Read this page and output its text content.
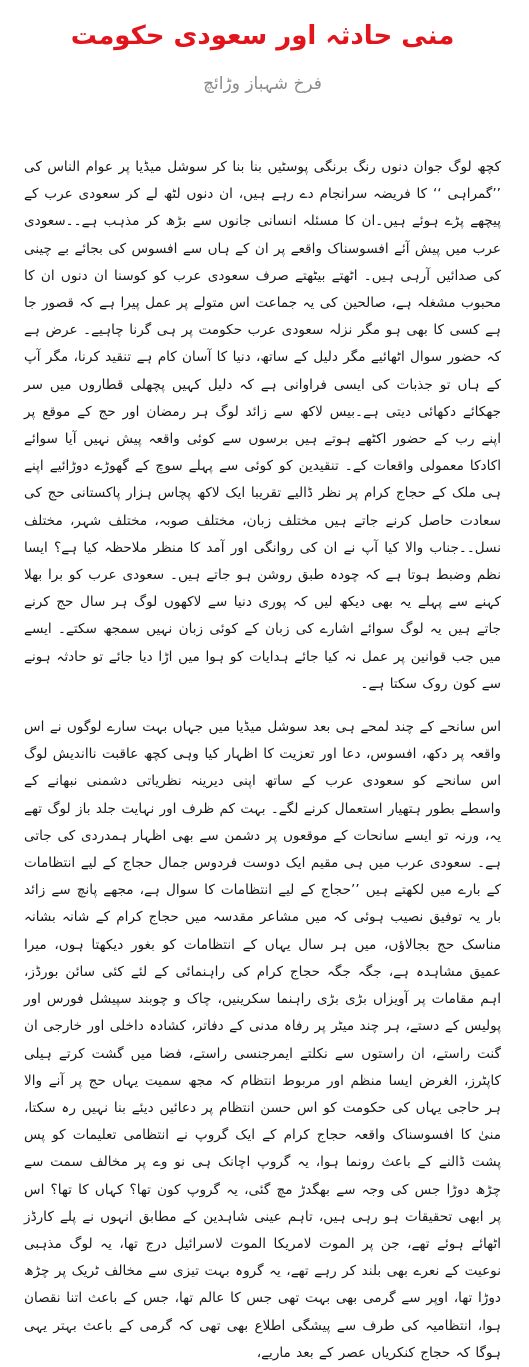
منی حادثہ اور سعودی حکومت
فرخ شہباز وڑائچ

کچھ لوگ جوان دنوں رنگ برنگی پوسٹیں بنا بنا کر سوشل میڈیا پر عوام الناس کی ’’گمراہی ‘‘ کا فریضہ سرانجام دے رہے ہیں، ان دنوں لٹھ لے کر سعودی عرب کے پیچھے پڑے ہوئے ہیں۔ان کا مسئلہ انسانی جانوں سے بڑھ کر مذہب ہے۔۔سعودی عرب میں پیش آئے افسوسناک واقعے پر ان کے ہاں سے افسوس کی بجائے بے چینی کی صدائیں آرہی ہیں۔ اٹھتے بیٹھتے صرف سعودی عرب کو کوسنا ان دنوں ان کا محبوب مشغلہ ہے، صالحین کی یہ جماعت اس متولے پر عمل پیرا ہے کہ قصور جا ہے کسی کا بھی ہو مگر نزلہ سعودی عرب حکومت پر ہی گرنا چاہیے۔ عرض ہے کہ حضور سوال اٹھائیے مگر دلیل کے ساتھ، دنیا کا آسان کام ہے تنقید کرنا، مگر آپ کے ہاں تو جذبات کی ایسی فراوانی ہے کہ دلیل کہیں پچھلی قطاروں میں سر جھکائے دکھائی دیتی ہے۔بیس لاکھ سے زائد لوگ ہر رمضان اور حج کے موقع پر اپنے رب کے حضور اکٹھے ہوتے ہیں برسوں سے کوئی واقعہ پیش نہیں آیا سوائے اکادکا معمولی واقعات کے۔ تنقیدین کو کوئی سے پہلے سوچ کے گھوڑے دوڑائیے اپنے ہی ملک کے حجاج کرام پر نظر ڈالیے تقریبا ایک لاکھ پچاس ہزار پاکستانی حج کی سعادت حاصل کرنے جاتے ہیں مختلف زبان، مختلف صوبہ، مختلف شہر، مختلف نسل۔۔جناب والا کیا آپ نے ان کی روانگی اور آمد کا منظر ملاحظہ کیا ہے؟ ایسا نظم وضبط ہوتا ہے کہ چودہ طبق روشن ہو جاتے ہیں۔ سعودی عرب کو برا بھلا کہنے سے پہلے یہ بھی دیکھ لیں کہ پوری دنیا سے لاکھوں لوگ ہر سال حج کرنے جاتے ہیں یہ لوگ سوائے اشارے کی زبان کے کوئی زبان نہیں سمجھ سکتے۔ ایسے میں جب قوانین پر عمل نہ کیا جائے ہدایات کو ہوا میں اڑا دیا جائے تو حادثہ ہونے سے کون روک سکتا ہے۔

اس سانحے کے چند لمحے ہی بعد سوشل میڈیا میں جہاں بہت سارے لوگوں نے اس واقعہ پر دکھ، افسوس، دعا اور تعزیت کا اظہار کیا وہی کچھ عاقبت نااندیش لوگ اس سانحے کو سعودی عرب کے ساتھ اپنی دیرینہ نظریاتی دشمنی نبھانے کے واسطے بطور ہتھیار استعمال کرنے لگے۔ بہت کم ظرف اور نہایت جلد باز لوگ تھے یہ، ورنہ تو ایسے سانحات کے موقعوں پر دشمن سے بھی اظہار ہمدردی کی جاتی ہے۔ سعودی عرب میں ہی مقیم ایک دوست فردوس جمال حجاج کے لیے انتظامات کے بارے میں لکھتے ہیں ’’حجاج کے لیے انتظامات کا سوال ہے، مجھے پانچ سے زائد بار یہ توفیق نصیب ہوئی کہ میں مشاعر مقدسہ میں حجاج کرام کے شانہ بشانہ مناسک حج بجالاؤں، میں ہر سال یہاں کے انتظامات کو بغور دیکھتا ہوں، میرا عمیق مشاہدہ ہے، جگہ جگہ حجاج کرام کی راہنمائی کے لئے کئی سائن بورڈز، اہم مقامات پر آویزاں بڑی بڑی راہنما سکرینیں، چاک و چوبند سپیشل فورس اور پولیس کے دستے، ہر چند میٹر پر رفاہ مدنی کے دفاتر، کشادہ داخلی اور خارجی ان گنت راستے، ان راستوں سے نکلتے ایمرجنسی راستے، فضا میں گشت کرتے ہیلی کاپٹرز، الغرض ایسا منظم اور مربوط انتظام کہ مجھ سمیت یہاں حج پر آنے والا ہر حاجی یہاں کی حکومت کو اس حسن انتظام پر دعائیں دیئے بنا نہیں رہ سکتا، منیٰ کا افسوسناک واقعہ حجاج کرام کے ایک گروپ نے انتظامی تعلیمات کو پس پشت ڈالنے کے باعث رونما ہوا، یہ گروپ اچانک ہی نو وے پر مخالف سمت سے چڑھ دوڑا جس کی وجہ سے بھگدڑ مچ گئی، یہ گروپ کون تھا؟ کہاں کا تھا؟ اس پر ابھی تحقیقات ہو رہی ہیں، تاہم عینی شاہدین کے مطابق انہوں نے پلے کارڈز اٹھائے ہوئے تھے، جن پر الموت لامریکا الموت لاسرائیل درج تھا، یہ لوگ مذہبی نوعیت کے نعرے بھی بلند کر رہے تھے، یہ گروہ بہت تیزی سے مخالف ٹریک پر چڑھ دوڑا تھا، اوپر سے گرمی بھی بہت تھی جس کا عالم تھا، جس کے باعث اتنا نقصان ہوا، انتظامیہ کی طرف سے پیشگی اطلاع بھی تھی کہ گرمی کے باعث بہتر یہی ہوگا کہ حجاج کنکریاں عصر کے بعد ماریے،
